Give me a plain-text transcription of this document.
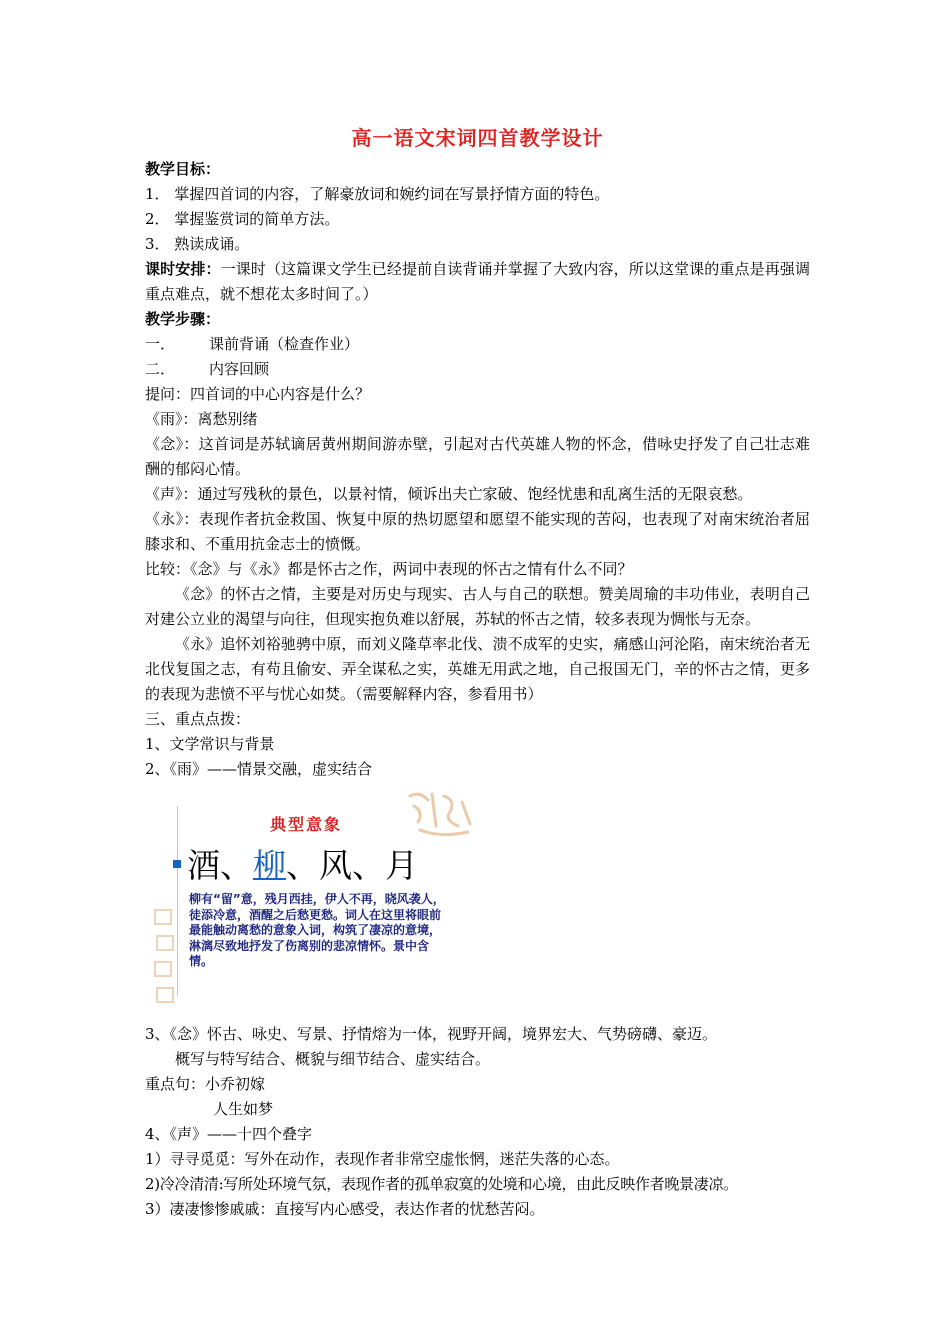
高一语文宋词四首教学设计

教学目标：

1． 掌握四首词的内容，了解豪放词和婉约词在写景抒情方面的特色。

2． 掌握鉴赏词的简单方法。

3． 熟读成诵。

课时安排：一课时（这篇课文学生已经提前自读背诵并掌握了大致内容，所以这堂课的重点是再强调重点难点，就不想花太多时间了。）

教学步骤：

一． 课前背诵（检查作业）

二． 内容回顾

提问：四首词的中心内容是什么？

《雨》：离愁别绪

《念》：这首词是苏轼谪居黄州期间游赤壁，引起对古代英雄人物的怀念，借咏史抒发了自己壮志难酬的郁闷心情。

《声》：通过写残秋的景色，以景衬情，倾诉出夫亡家破、饱经忧患和乱离生活的无限哀愁。

《永》：表现作者抗金救国、恢复中原的热切愿望和愿望不能实现的苦闷，也表现了对南宋统治者屈膝求和、不重用抗金志士的愤慨。

比较：《念》与《永》都是怀古之作，两词中表现的怀古之情有什么不同？

《念》的怀古之情，主要是对历史与现实、古人与自己的联想。赞美周瑜的丰功伟业，表明自己对建公立业的渴望与向往，但现实抱负难以舒展，苏轼的怀古之情，较多表现为惆怅与无奈。

《永》追怀刘裕驰骋中原，而刘义隆草率北伐、溃不成军的史实，痛感山河沦陷，南宋统治者无北伐复国之志，有苟且偷安、弄全谋私之实，英雄无用武之地，自己报国无门，辛的怀古之情，更多的表现为悲愤不平与忧心如焚。（需要解释内容，参看用书）

三、重点点拨：

1、文学常识与背景

2、《雨》——情景交融，虚实结合

典型意象
酒、柳、风、月
柳有“留”意，残月西挂，伊人不再，晓风袭人，徒添冷意，酒醒之后愁更愁。词人在这里将眼前最能触动离愁的意象入词，构筑了凄凉的意境，淋漓尽致地抒发了伤离别的悲凉情怀。景中含情。

3、《念》怀古、咏史、写景、抒情熔为一体，视野开阔，境界宏大、气势磅礴、豪迈。

概写与特写结合、概貌与细节结合、虚实结合。

重点句：小乔初嫁

人生如梦

4、《声》——十四个叠字

1）寻寻觅觅：写外在动作，表现作者非常空虚怅惘，迷茫失落的心态。

2)冷冷清清:写所处环境气氛，表现作者的孤单寂寞的处境和心境，由此反映作者晚景凄凉。

3）凄凄惨惨戚戚：直接写内心感受，表达作者的忧愁苦闷。
